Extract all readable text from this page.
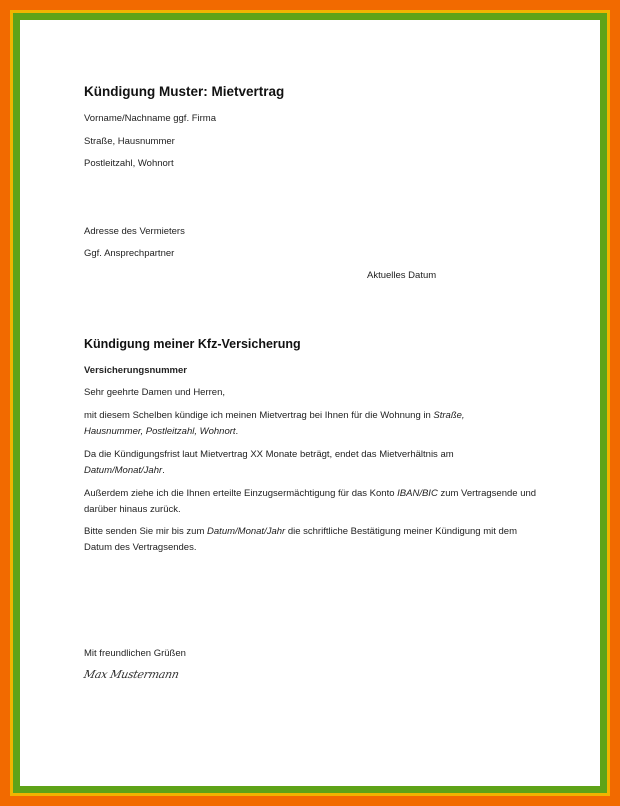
Kündigung Muster: Mietvertrag
Vorname/Nachname ggf. Firma
Straße, Hausnummer
Postleitzahl, Wohnort
Adresse des Vermieters
Ggf. Ansprechpartner
Aktuelles Datum
Kündigung meiner Kfz-Versicherung
Versicherungsnummer
Sehr geehrte Damen und Herren,
mit diesem Schelben kündige ich meinen Mietvertrag bei Ihnen für die Wohnung in Straße,
Hausnummer, Postleitzahl, Wohnort.
Da die Kündigungsfrist laut Mietvertrag XX Monate beträgt, endet das Mietverhältnis am
Datum/Monat/Jahr.
Außerdem ziehe ich die Ihnen erteilte Einzugsermächtigung für das Konto IBAN/BIC zum Vertragsende und darüber hinaus zurück.
Bitte senden Sie mir bis zum Datum/Monat/Jahr die schriftliche Bestätigung meiner Kündigung mit dem Datum des Vertragsendes.
Mit freundlichen Grüßen
Max Mustermann
